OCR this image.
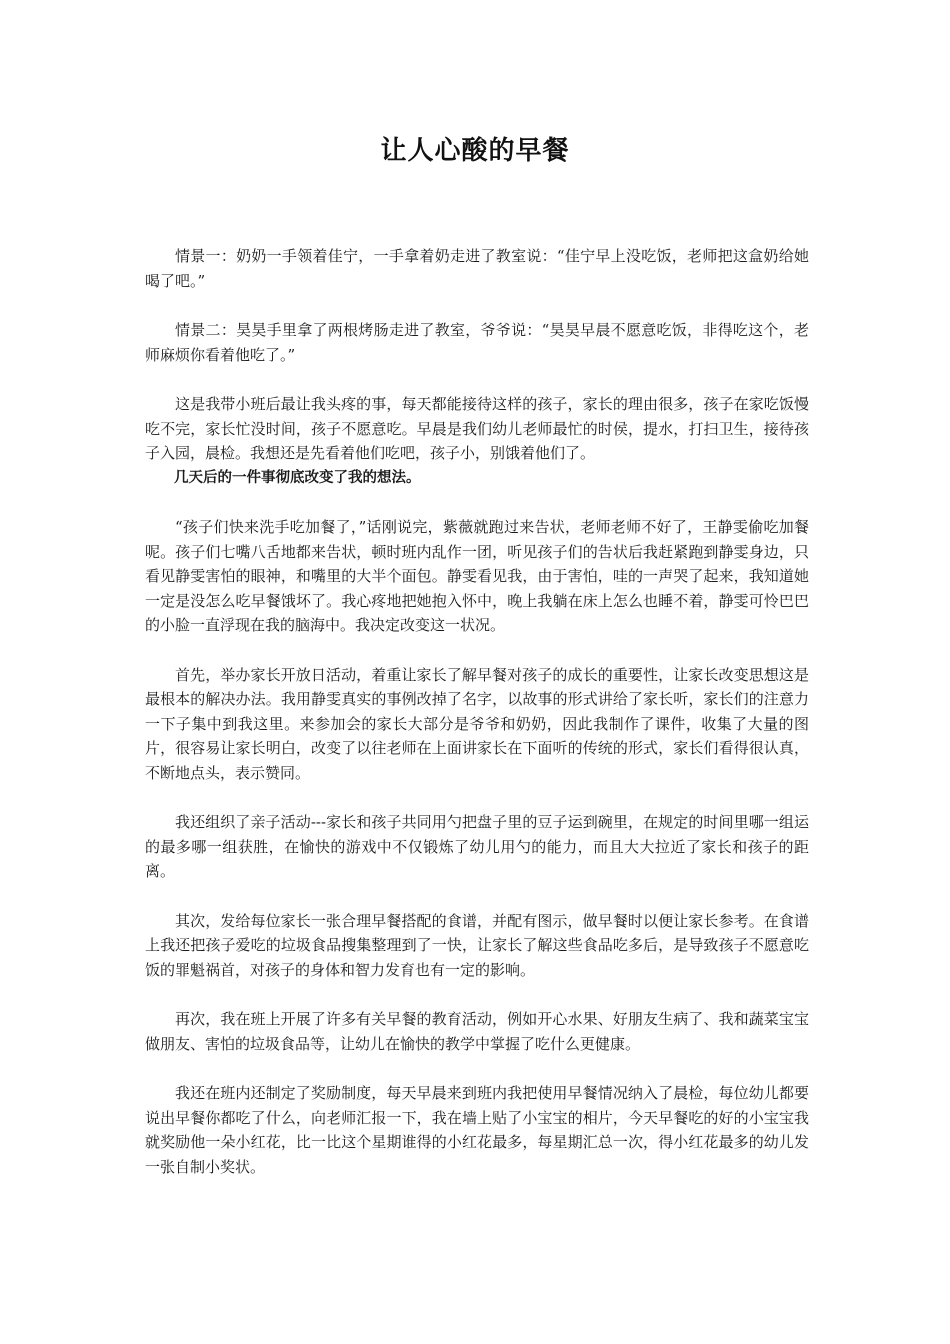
让人心酸的早餐

情景一：奶奶一手领着佳宁，一手拿着奶走进了教室说：“佳宁早上没吃饭，老师把这盒奶给她喝了吧。”

情景二：昊昊手里拿了两根烤肠走进了教室，爷爷说：“昊昊早晨不愿意吃饭，非得吃这个，老师麻烦你看着他吃了。”

这是我带小班后最让我头疼的事，每天都能接待这样的孩子，家长的理由很多，孩子在家吃饭慢吃不完，家长忙没时间，孩子不愿意吃。早晨是我们幼儿老师最忙的时侯，提水，打扫卫生，接待孩子入园，晨检。我想还是先看着他们吃吧，孩子小，别饿着他们了。

几天后的一件事彻底改变了我的想法。

“孩子们快来洗手吃加餐了，”话刚说完，紫薇就跑过来告状，老师老师不好了，王静雯偷吃加餐呢。孩子们七嘴八舌地都来告状，顿时班内乱作一团，听见孩子们的告状后我赶紧跑到静雯身边，只看见静雯害怕的眼神，和嘴里的大半个面包。静雯看见我，由于害怕，哇的一声哭了起来，我知道她一定是没怎么吃早餐饿坏了。我心疼地把她抱入怀中，晚上我躺在床上怎么也睡不着，静雯可怜巴巴的小脸一直浮现在我的脑海中。我决定改变这一状况。

首先，举办家长开放日活动，着重让家长了解早餐对孩子的成长的重要性，让家长改变思想这是最根本的解决办法。我用静雯真实的事例改掉了名字，以故事的形式讲给了家长听，家长们的注意力一下子集中到我这里。来参加会的家长大部分是爷爷和奶奶，因此我制作了课件，收集了大量的图片，很容易让家长明白，改变了以往老师在上面讲家长在下面听的传统的形式，家长们看得很认真，不断地点头，表示赞同。

我还组织了亲子活动---家长和孩子共同用勺把盘子里的豆子运到碗里，在规定的时间里哪一组运的最多哪一组获胜，在愉快的游戏中不仅锻炼了幼儿用勺的能力，而且大大拉近了家长和孩子的距离。

其次，发给每位家长一张合理早餐搭配的食谱，并配有图示，做早餐时以便让家长参考。在食谱上我还把孩子爱吃的垃圾食品搜集整理到了一快，让家长了解这些食品吃多后，是导致孩子不愿意吃饭的罪魁祸首，对孩子的身体和智力发育也有一定的影响。

再次，我在班上开展了许多有关早餐的教育活动，例如开心水果、好朋友生病了、我和蔬菜宝宝做朋友、害怕的垃圾食品等，让幼儿在愉快的教学中掌握了吃什么更健康。

我还在班内还制定了奖励制度，每天早晨来到班内我把使用早餐情况纳入了晨检，每位幼儿都要说出早餐你都吃了什么，向老师汇报一下，我在墙上贴了小宝宝的相片，今天早餐吃的好的小宝宝我就奖励他一朵小红花，比一比这个星期谁得的小红花最多，每星期汇总一次，得小红花最多的幼儿发一张自制小奖状。
